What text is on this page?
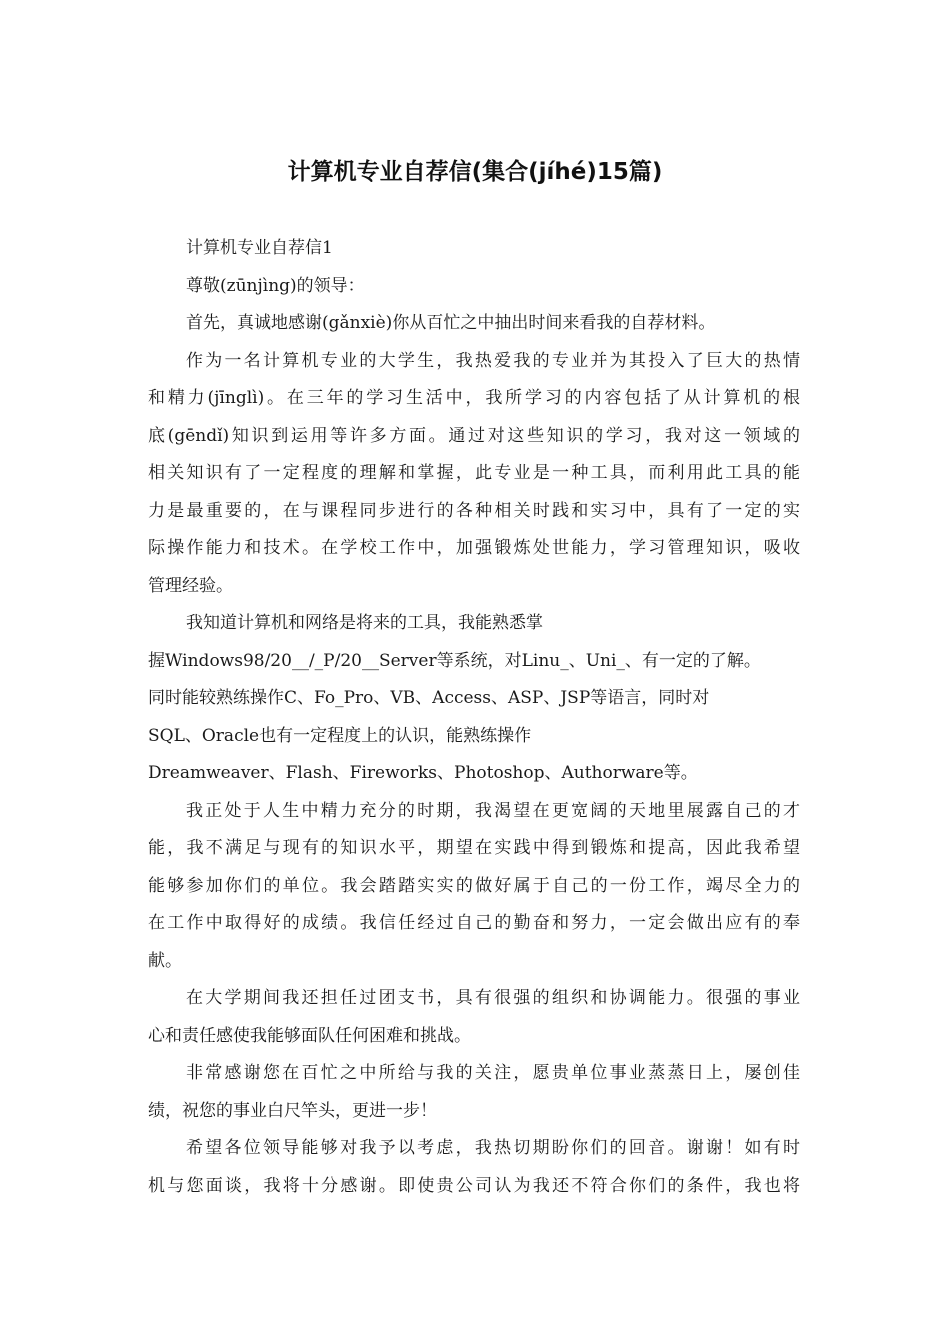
计算机专业自荐信(集合(jíhé)15篇)
计算机专业自荐信1
尊敬(zūnjìng)的领导：
首先，真诚地感谢(gǎnxiè)你从百忙之中抽出时间来看我的自荐材料。
作为一名计算机专业的大学生，我热爱我的专业并为其投入了巨大的热情
和精力(jīnglì)。在三年的学习生活中，我所学习的内容包括了从计算机的根
底(gēndǐ)知识到运用等许多方面。通过对这些知识的学习，我对这一领域的
相关知识有了一定程度的理解和掌握，此专业是一种工具，而利用此工具的能
力是最重要的，在与课程同步进行的各种相关时践和实习中，具有了一定的实
际操作能力和技术。在学校工作中，加强锻炼处世能力，学习管理知识，吸收
管理经验。
我知道计算机和网络是将来的工具，我能熟悉掌
握Windows98/20__/_P/20__Server等系统，对Linu_、Uni_、有一定的了解。
同时能较熟练操作C、Fo_Pro、VB、Access、ASP、JSP等语言，同时对
SQL、Oracle也有一定程度上的认识，能熟练操作
Dreamweaver、Flash、Fireworks、Photoshop、Authorware等。
我正处于人生中精力充分的时期，我渴望在更宽阔的天地里展露自己的才
能，我不满足与现有的知识水平，期望在实践中得到锻炼和提高，因此我希望
能够参加你们的单位。我会踏踏实实的做好属于自己的一份工作，竭尽全力的
在工作中取得好的成绩。我信任经过自己的勤奋和努力，一定会做出应有的奉
献。
在大学期间我还担任过团支书，具有很强的组织和协调能力。很强的事业
心和责任感使我能够面队任何困难和挑战。
非常感谢您在百忙之中所给与我的关注，愿贵单位事业蒸蒸日上，屡创佳
绩，祝您的事业白尺竿头，更进一步！
希望各位领导能够对我予以考虑，我热切期盼你们的回音。谢谢！如有时
机与您面谈，我将十分感谢。即使贵公司认为我还不符合你们的条件，我也将
